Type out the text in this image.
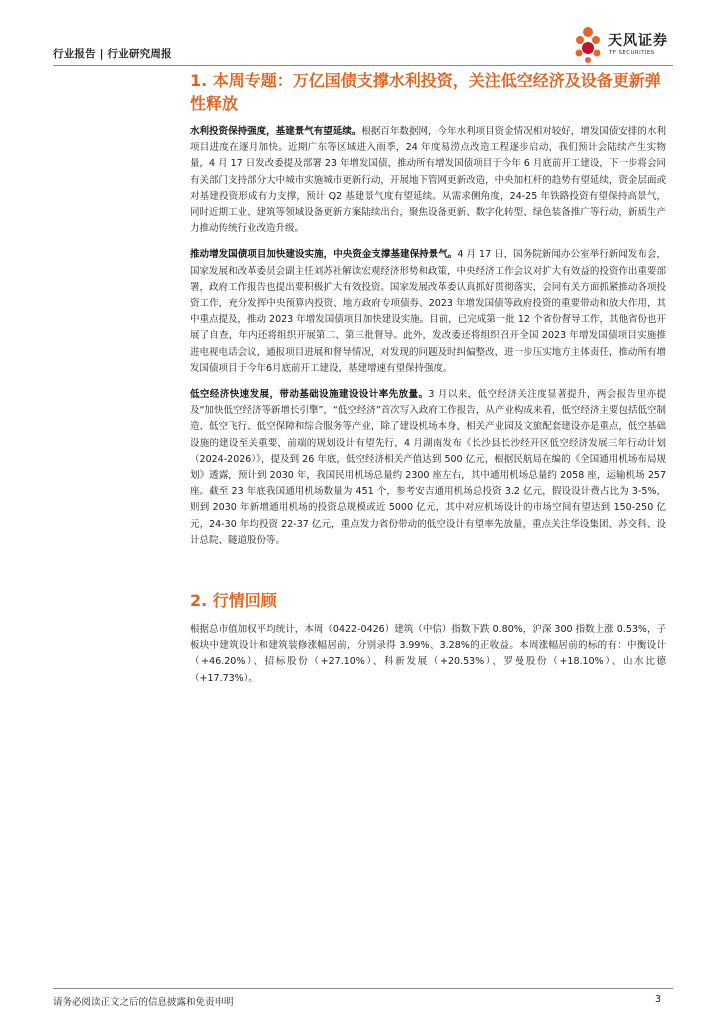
行业报告 | 行业研究周报
天风证券
TF SECURITIES
1. 本周专题：万亿国债支撑水利投资，关注低空经济及设备更新弹性释放

水利投资保持强度，基建景气有望延续。根据百年数据网，今年水利项目资金情况相对较好，增发国债安排的水利项目进度在逐月加快。近期广东等区域进入雨季，24 年度易涝点改造工程逐步启动，我们预计会陆续产生实物量，4 月 17 日发改委提及部署 23 年增发国债，推动所有增发国债项目于今年 6 月底前开工建设，下一步将会同有关部门支持部分大中城市实施城市更新行动，开展地下管网更新改造，中央加杠杆的趋势有望延续，资金层面或对基建投资形成有力支撑，预计 Q2 基建景气度有望延续。从需求侧角度，24-25 年铁路投资有望保持高景气，同时近期工业、建筑等领域设备更新方案陆续出台，聚焦设备更新、数字化转型、绿色装备推广等行动，新质生产力推动传统行业改造升级。

推动增发国债项目加快建设实施，中央资金支撑基建保持景气。4 月 17 日，国务院新闻办公室举行新闻发布会，国家发展和改革委员会副主任刘苏社解读宏观经济形势和政策，中央经济工作会议对扩大有效益的投资作出重要部署，政府工作报告也提出要积极扩大有效投资。国家发展改革委认真抓好贯彻落实，会同有关方面抓紧推动各项投资工作，充分发挥中央预算内投资、地方政府专项债券、2023 年增发国债等政府投资的重要带动和放大作用，其中重点提及，推动 2023 年增发国债项目加快建设实施。目前，已完成第一批 12 个省份督导工作，其他省份也开展了自查，年内还将组织开展第二、第三批督导。此外，发改委还将组织召开全国 2023 年增发国债项目实施推进电视电话会议，通报项目进展和督导情况，对发现的问题及时纠偏整改，进一步压实地方主体责任，推动所有增发国债项目于今年6月底前开工建设，基建增速有望保持强度。

低空经济快速发展，带动基础设施建设设计率先放量。3 月以来，低空经济关注度显著提升，两会报告里亦提及“加快低空经济等新增长引擎”，“低空经济”首次写入政府工作报告，从产业构成来看，低空经济主要包括低空制造、低空飞行、低空保障和综合服务等产业，除了建设机场本身，相关产业园及文旅配套建设亦是重点，低空基础设施的建设至关重要，前端的规划设计有望先行，4 月湖南发布《长沙县长沙经开区低空经济发展三年行动计划（2024-2026）》，提及到 26 年底，低空经济相关产值达到 500 亿元，根据民航局在编的《全国通用机场布局规划》透露，预计到 2030 年，我国民用机场总量约 2300 座左右，其中通用机场总量约 2058 座，运输机场 257 座。截至 23 年底我国通用机场数量为 451 个，参考安吉通用机场总投资 3.2 亿元，假设设计费占比为 3-5%，则到 2030 年新增通用机场的投资总规模或近 5000 亿元，其中对应机场设计的市场空间有望达到 150-250 亿元，24-30 年均投资 22-37 亿元，重点发力省份带动的低空设计有望率先放量，重点关注华设集团、苏交科、设计总院、隧道股份等。

2. 行情回顾

根据总市值加权平均统计，本周（0422-0426）建筑（中信）指数下跌 0.80%，沪深 300 指数上涨 0.53%，子板块中建筑设计和建筑装修涨幅居前，分别录得 3.99%、3.28%的正收益。本周涨幅居前的标的有：中衡设计（+46.20%）、招标股份（+27.10%）、科新发展（+20.53%）、罗曼股份（+18.10%）、山水比德（+17.73%）。

请务必阅读正文之后的信息披露和免责申明	3
